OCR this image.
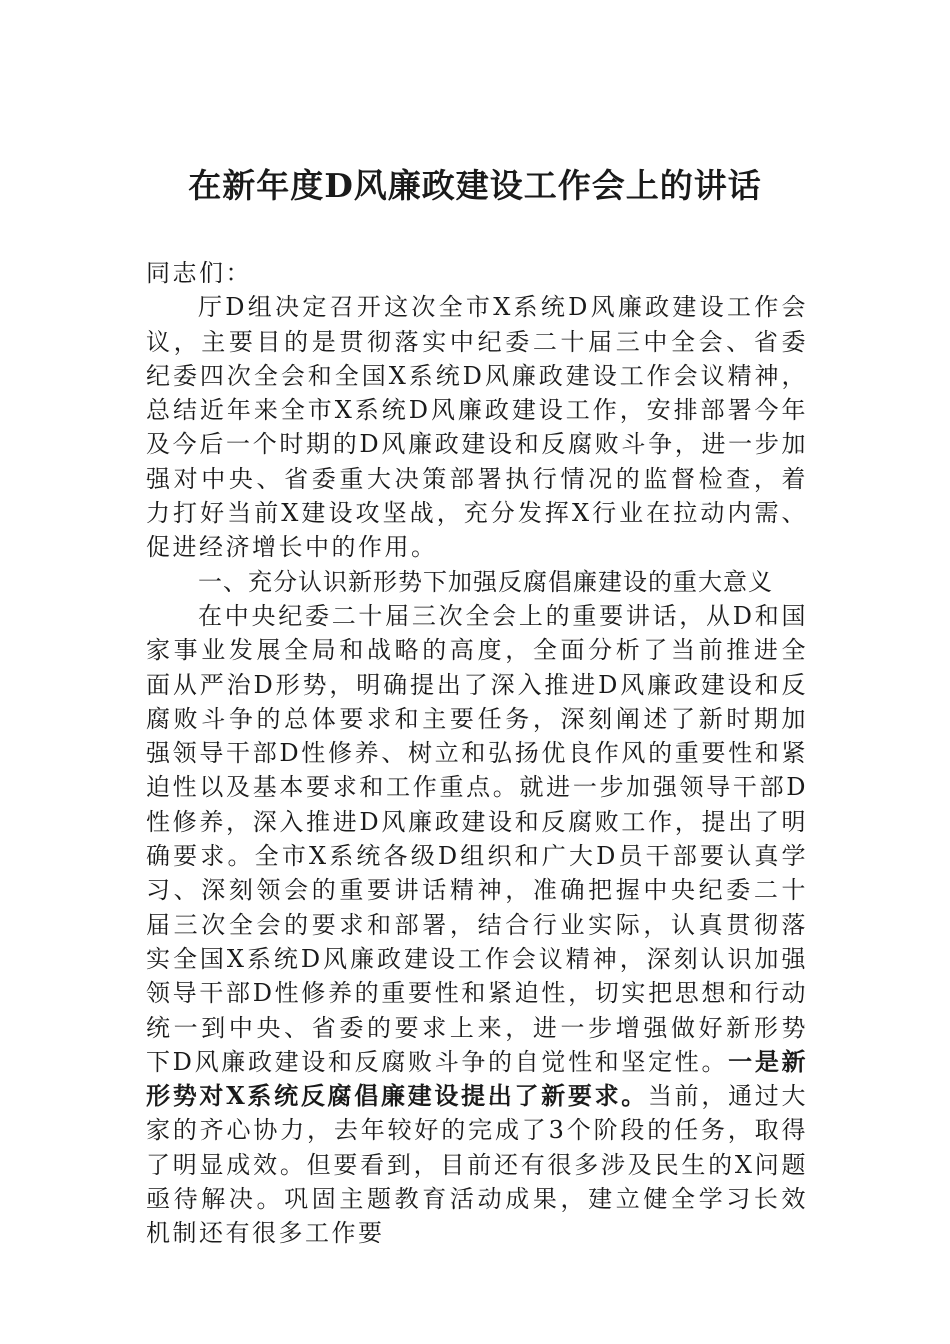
在新年度D风廉政建设工作会上的讲话

同志们：

厅D组决定召开这次全市X系统D风廉政建设工作会议，主要目的是贯彻落实中纪委二十届三中全会、省委纪委四次全会和全国X系统D风廉政建设工作会议精神，总结近年来全市X系统D风廉政建设工作，安排部署今年及今后一个时期的D风廉政建设和反腐败斗争，进一步加强对中央、省委重大决策部署执行情况的监督检查，着力打好当前X建设攻坚战，充分发挥X行业在拉动内需、促进经济增长中的作用。

一、充分认识新形势下加强反腐倡廉建设的重大意义

在中央纪委二十届三次全会上的重要讲话，从D和国家事业发展全局和战略的高度，全面分析了当前推进全面从严治D形势，明确提出了深入推进D风廉政建设和反腐败斗争的总体要求和主要任务，深刻阐述了新时期加强领导干部D性修养、树立和弘扬优良作风的重要性和紧迫性以及基本要求和工作重点。就进一步加强领导干部D性修养，深入推进D风廉政建设和反腐败工作，提出了明确要求。全市X系统各级D组织和广大D员干部要认真学习、深刻领会的重要讲话精神，准确把握中央纪委二十届三次全会的要求和部署，结合行业实际，认真贯彻落实全国X系统D风廉政建设工作会议精神，深刻认识加强领导干部D性修养的重要性和紧迫性，切实把思想和行动统一到中央、省委的要求上来，进一步增强做好新形势下D风廉政建设和反腐败斗争的自觉性和坚定性。一是新形势对X系统反腐倡廉建设提出了新要求。当前，通过大家的齐心协力，去年较好的完成了3个阶段的任务，取得了明显成效。但要看到，目前还有很多涉及民生的X问题亟待解决。巩固主题教育活动成果，建立健全学习长效机制还有很多工作要
